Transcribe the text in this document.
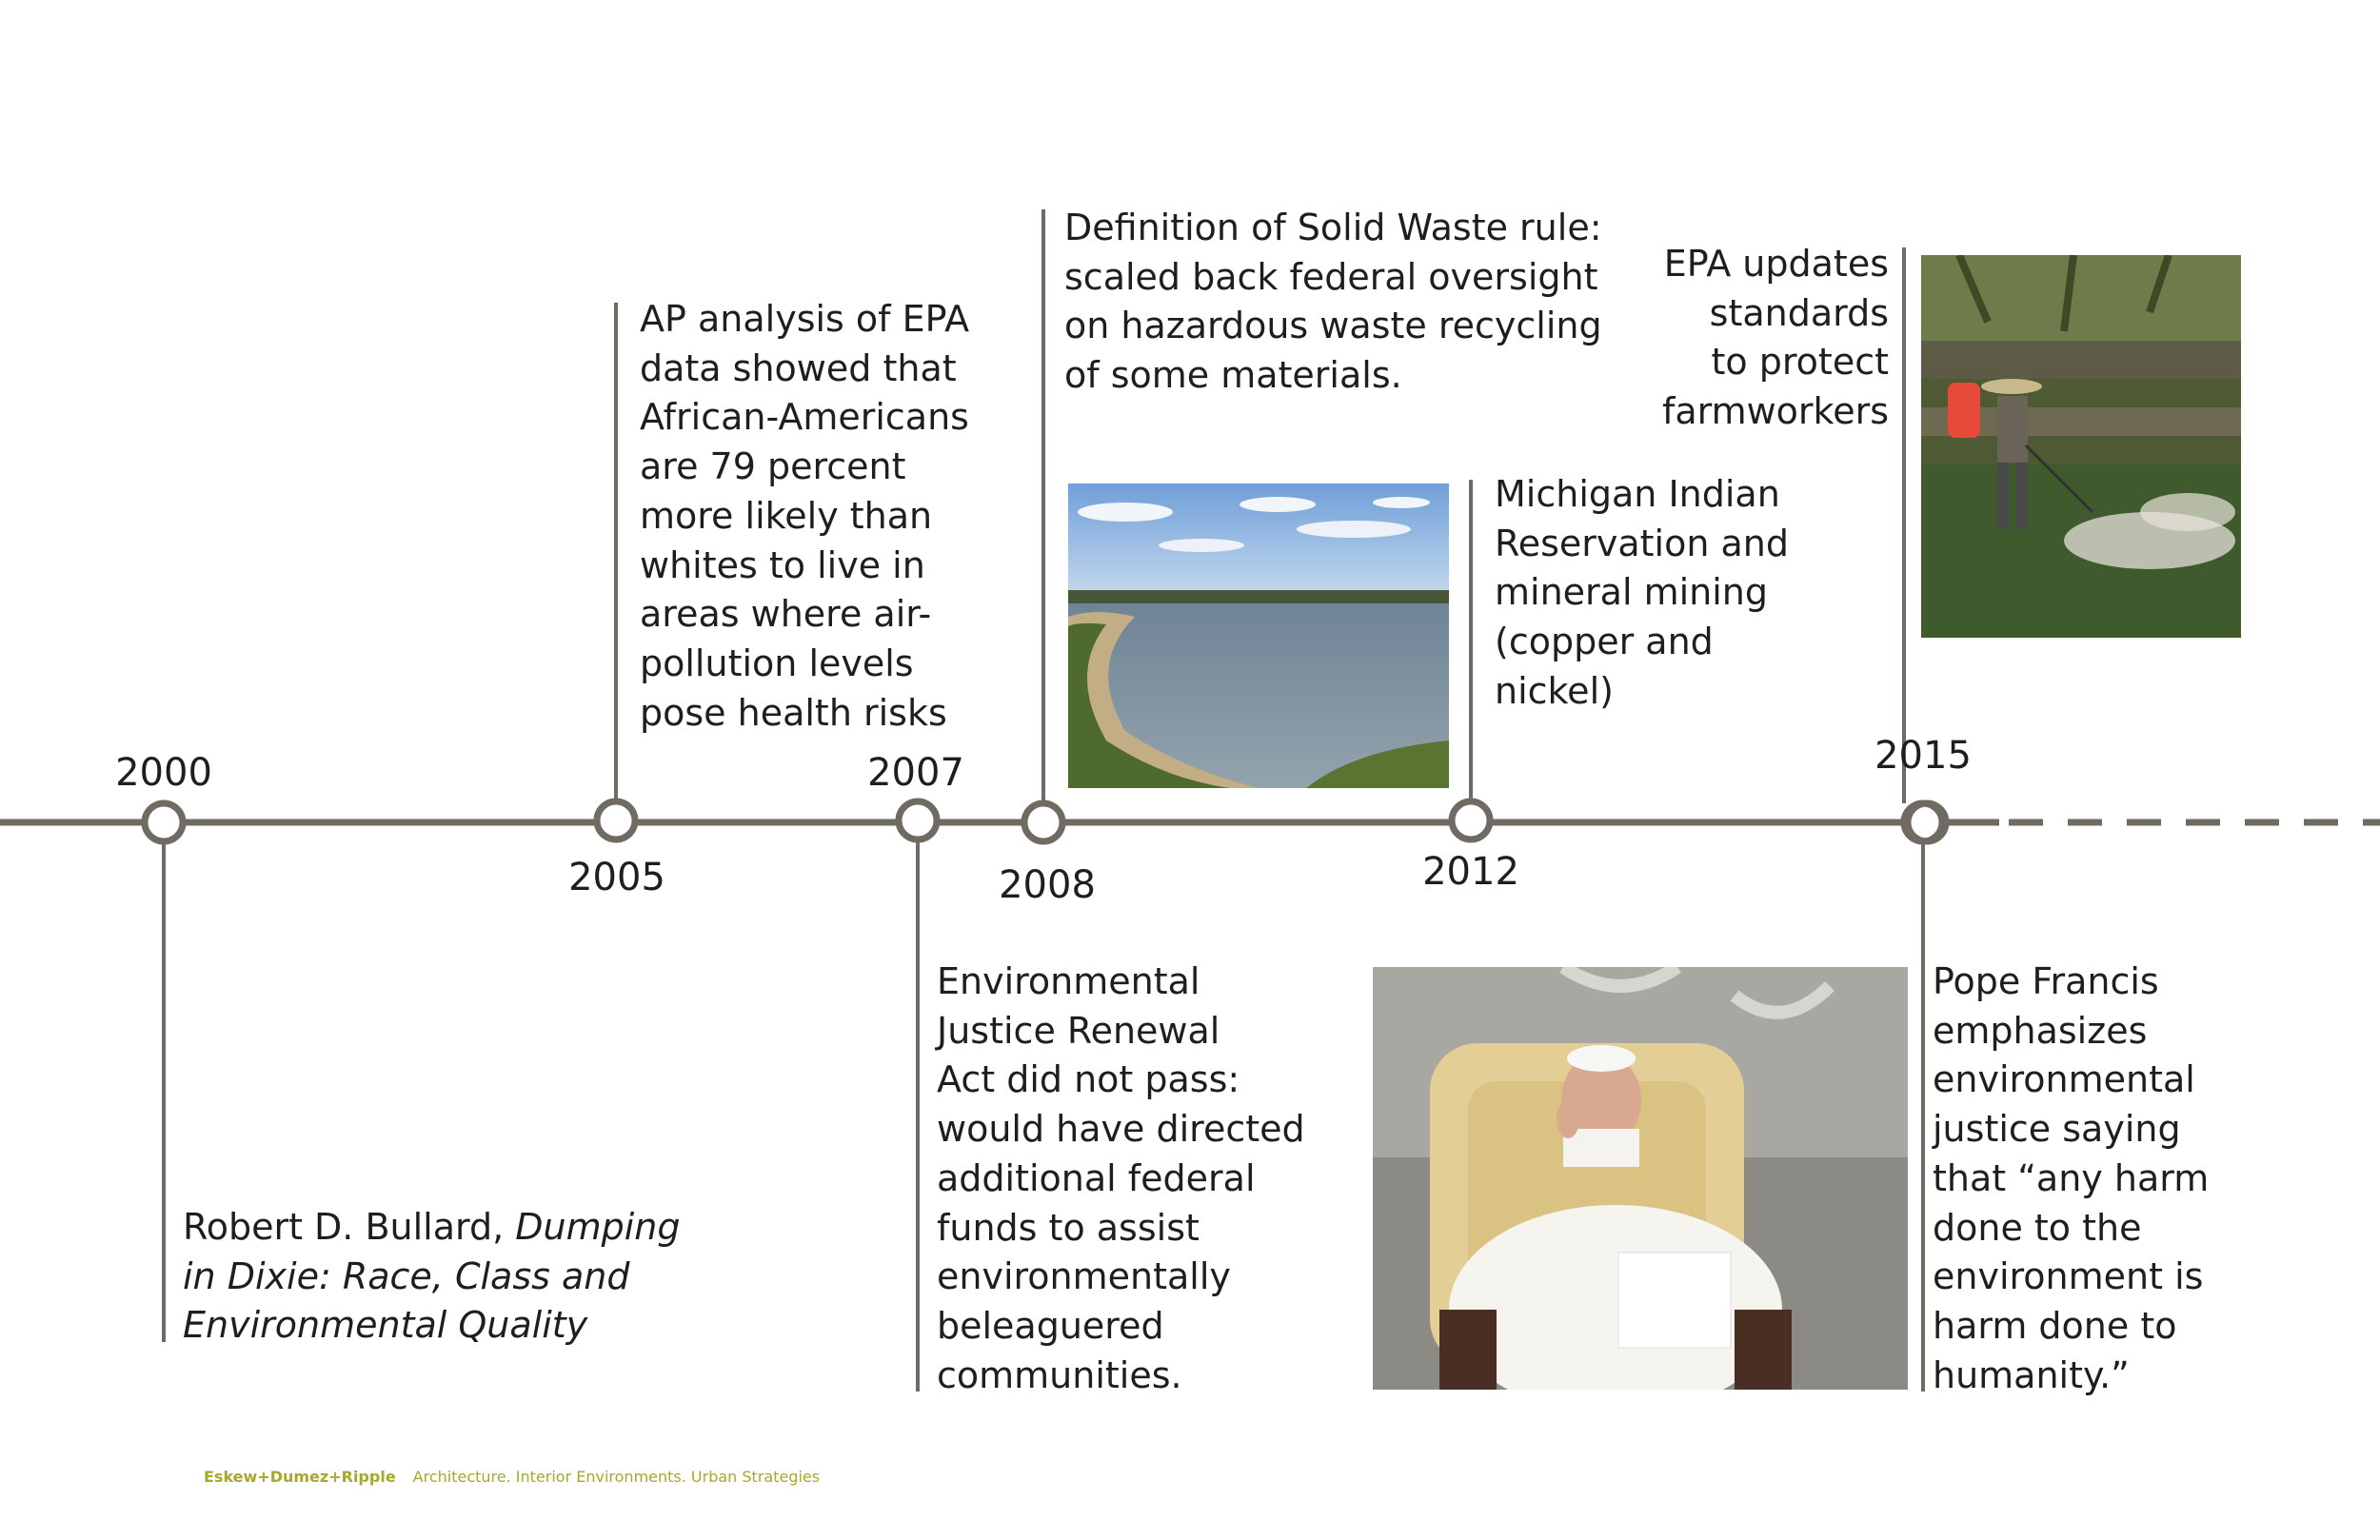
2000
2005
2007
2008	2012
2015
Robert D. Bullard, Dumping
in Dixie: Race, Class and
Environmental Quality
AP analysis of EPA
data showed that
African-Americans
are 79 percent
more likely than
whites to live in
areas where air-
pollution levels
pose health risks
Environmental
Justice Renewal
Act did not pass:
would have directed
additional federal
funds to assist
environmentally
beleaguered
communities.
Definition of Solid Waste rule:
scaled back federal oversight
on hazardous waste recycling
of some materials.
Michigan Indian
Reservation and
mineral mining
(copper and
nickel)
EPA updates
standards
to protect
farmworkers
Pope Francis
emphasizes
environmental
justice saying
that “any harm
done to the
environment is
harm done to
humanity.”
Eskew+Dumez+Ripple Architecture. Interior Environments. Urban Strategies
